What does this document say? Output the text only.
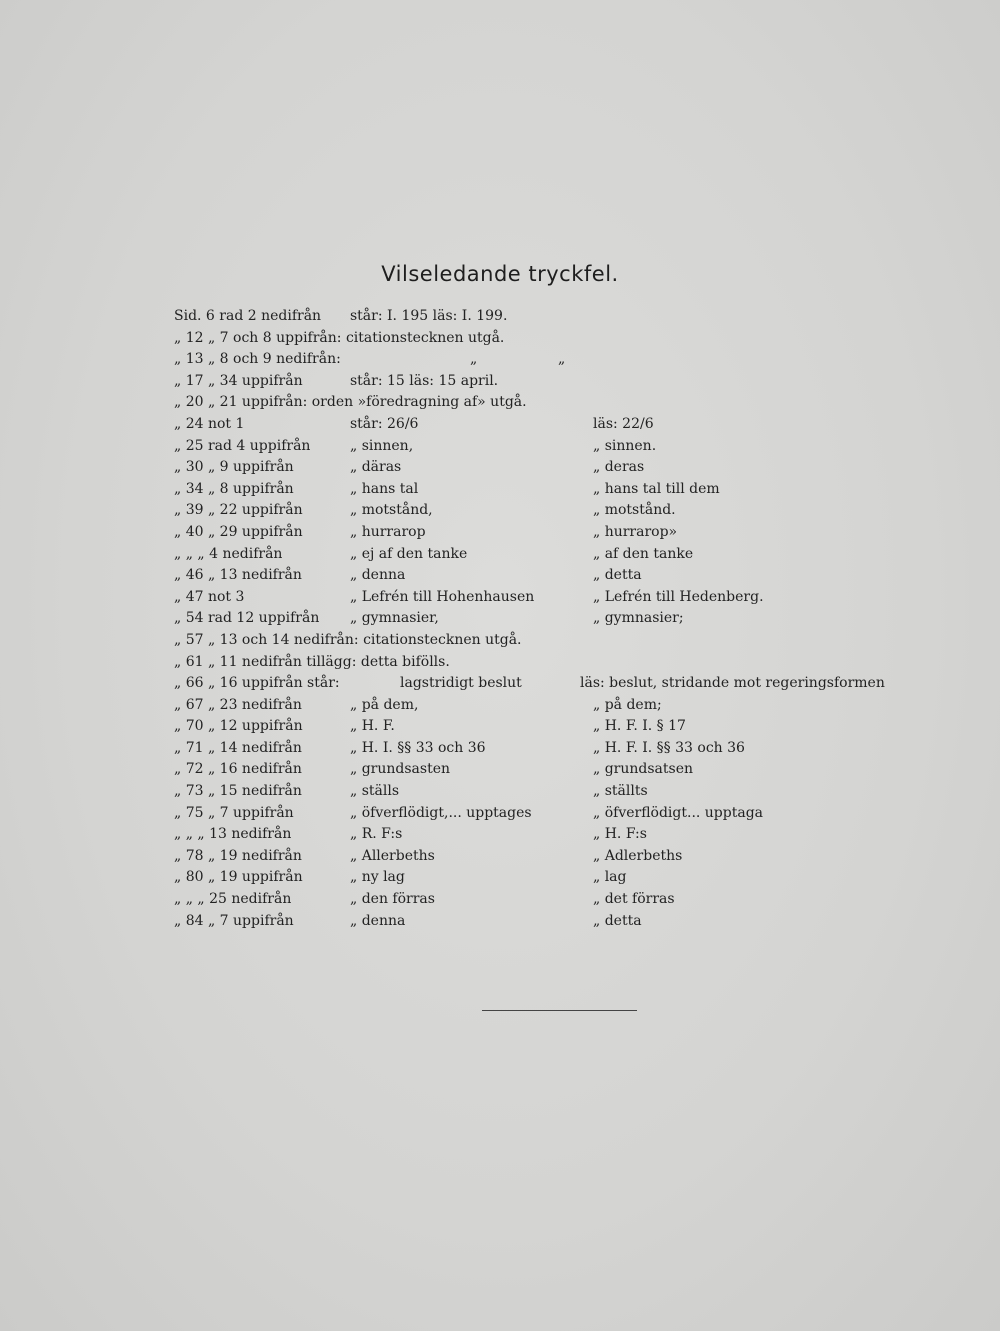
Vilseledande tryckfel.
Sid. 6 rad 2 nedifrån står: I. 195 läs: I. 199.
„ 12 „ 7 och 8 uppifrån: citationstecknen utgå.
„ 13 „ 8 och 9 nedifrån:	„	„
„ 17 „ 34 uppifrån	står: 15 läs: 15 april.
„ 20 „ 21 uppifrån: orden »föredragning af» utgå.
„ 24 not 1	står: 26/6	läs: 22/6
„ 25 rad 4 uppifrån	„ sinnen,	„ sinnen.
„ 30 „ 9 uppifrån	„ däras	„ deras
„ 34 „ 8 uppifrån	„ hans tal	„ hans tal till dem
„ 39 „ 22 uppifrån	„ motstånd,	„ motstånd.
„ 40 „ 29 uppifrån	„ hurrarop	„ hurrarop»
„ „ „ 4 nedifrån	„ ej af den tanke	„ af den tanke
„ 46 „ 13 nedifrån	„ denna	„ detta
„ 47 not 3	„ Lefrén till Hohenhausen	„ Lefrén till Hedenberg.
„ 54 rad 12 uppifrån „ gymnasier,	„ gymnasier;
„ 57 „ 13 och 14 nedifrån: citationstecknen utgå.
„ 61 „ 11 nedifrån tillägg: detta bifölls.
„ 66 „ 16 uppifrån står:	lagstridigt beslut	läs: beslut, stridande mot regeringsformen
„ 67 „ 23 nedifrån	„ på dem,	„ på dem;
„ 70 „ 12 uppifrån	„ H. F.	„ H. F. I. § 17
„ 71 „ 14 nedifrån	„ H. I. §§ 33 och 36	„ H. F. I. §§ 33 och 36
„ 72 „ 16 nedifrån	„ grundsasten	„ grundsatsen
„ 73 „ 15 nedifrån	„ ställs	„ ställts
„ 75 „ 7 uppifrån	„ öfverflödigt,... upptages	„ öfverflödigt... upptaga
„ „ „ 13 nedifrån	„ R. F:s	„ H. F:s
„ 78 „ 19 nedifrån	„ Allerbeths	„ Adlerbeths
„ 80 „ 19 uppifrån	„ ny lag	„ lag
„ „ „ 25 nedifrån	„ den förras	„ det förras
„ 84 „ 7 uppifrån	„ denna	„ detta
